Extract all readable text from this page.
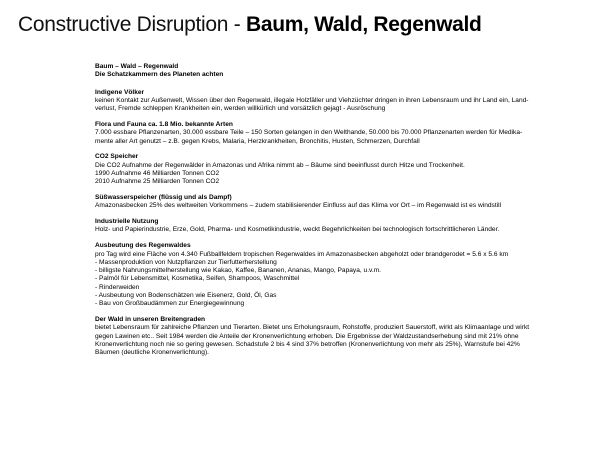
Constructive Disruption - Baum, Wald, Regenwald
Baum – Wald – Regenwald
Die Schatzkammern des Planeten achten
Indigene Völker
keinen Kontakt zur Außenwelt, Wissen über den Regenwald, illegale Holzfäller und Viehzüchter dringen in ihren Lebensraum und ihr Land ein, Land-
verlust, Fremde schleppen Krankheiten ein, werden willkürlich und vorsätzlich gejagt - Ausröschung
Flora und Fauna ca. 1.8 Mio. bekannte Arten
7.000 essbare Pflanzenarten, 30.000 essbare Teile – 150 Sorten gelangen in den Welthande, 50.000 bis 70.000 Pflanzenarten werden für Medika-
mente aller Art genutzt – z.B. gegen Krebs, Malaria, Herzkrankheiten, Bronchitis, Husten, Schmerzen, Durchfall
CO2 Speicher
Die CO2 Aufnahme der Regenwälder in Amazonas und Afrika nimmt ab – Bäume sind beeinflusst durch Hitze und Trockenheit.
1990 Aufnahme 46 Milliarden Tonnen CO2
2010 Aufnahme 25 Milliarden Tonnen CO2
Süßwasserspeicher (flüssig und als Dampf)
Amazonasbecken 25% des weltweiten Vorkommens – zudem stabilisierender Einfluss auf das Klima vor Ort – im Regenwald ist es windstill
Industrielle Nutzung
Holz- und Papierindustrie, Erze, Gold, Pharma- und Kosmetikindustrie, weckt Begehrlichkeiten bei technologisch fortschrittlicheren Länder.
Ausbeutung des Regenwaldes
pro Tag wird eine Fläche von 4.340 Fußballfeldern tropischen Regenwaldes im Amazonasbecken abgeholzt oder brandgerodet = 5.6 x 5.6 km
- Massenproduktion von Nutzpflanzen zur Tierfutterherstellung
- billigste Nahrungsmittelherstellung wie Kakao, Kaffee, Bananen, Ananas, Mango, Papaya, u.v.m.
- Palmöl für Lebensmittel, Kosmetika, Seifen, Shampoos, Waschmittel
- Rinderweiden
- Ausbeutung von Bodenschätzen wie Eisenerz, Gold, Öl, Gas
- Bau von Großbaudämmen zur Energiegewinnung
Der Wald in unseren Breitengraden
bietet Lebensraum für zahlreiche Pflanzen und Tierarten. Bietet uns Erholungsraum, Rohstoffe, produziert Sauerstoff, wirkt als Klimaanlage und wirkt
gegen Lawinen etc.. Seit 1984 werden die Anteile der Kronenverlichtung erhoben. Die Ergebnisse der Waldzustandserhebung sind mit 21% ohne
Kronenverlichtung noch nie so gering gewesen. Schadstufe 2 bis 4 sind 37% betroffen (Kronenverlichtung von mehr als 25%), Warnstufe bei 42%
Bäumen (deutliche Kronenverlichtung).
